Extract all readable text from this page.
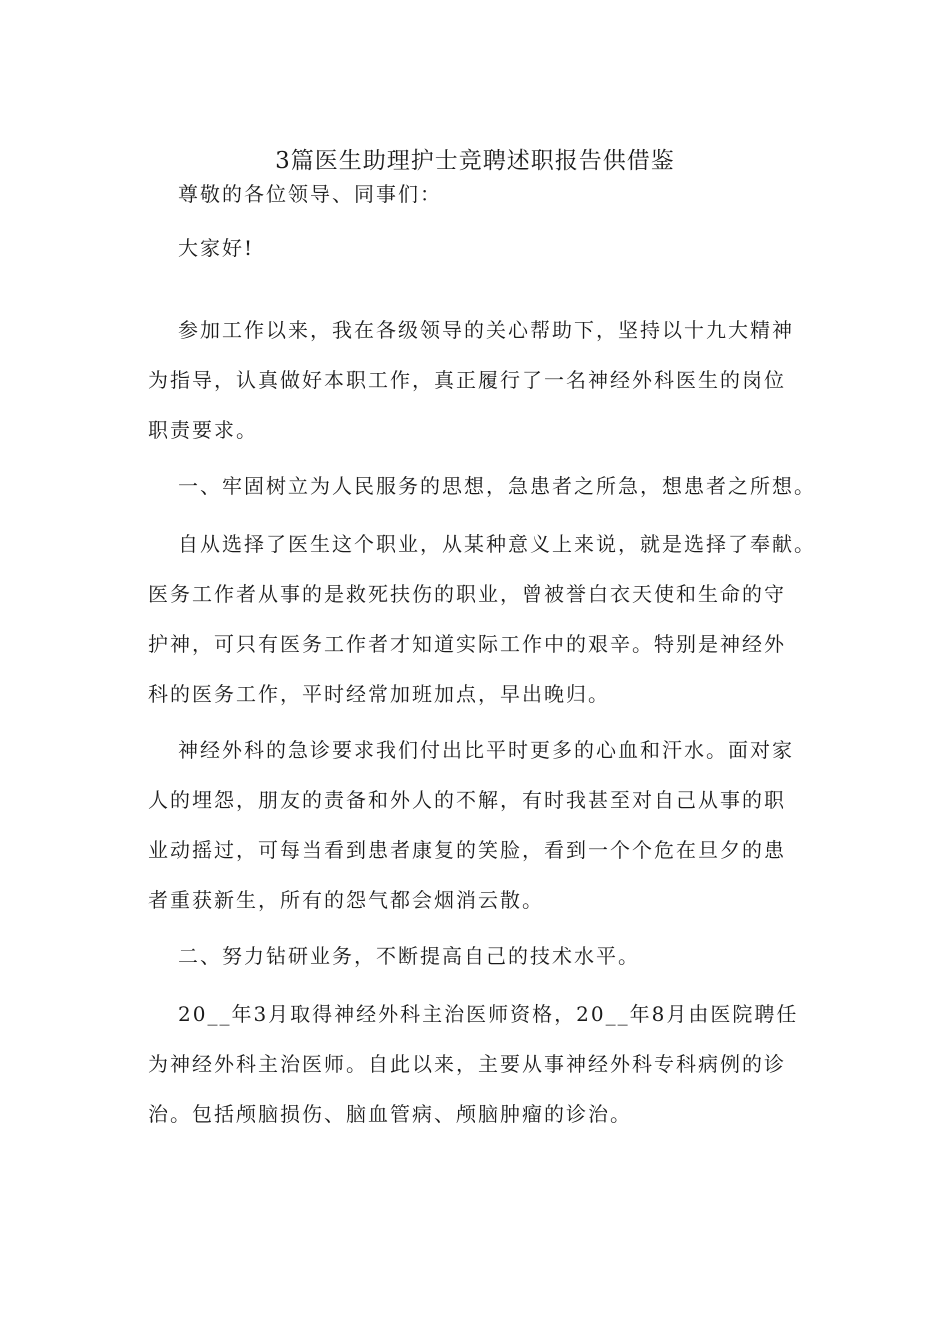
3篇医生助理护士竞聘述职报告供借鉴
尊敬的各位领导、同事们：
大家好!
参加工作以来，我在各级领导的关心帮助下，坚持以十九大精神
为指导，认真做好本职工作，真正履行了一名神经外科医生的岗位
职责要求。
一、牢固树立为人民服务的思想，急患者之所急，想患者之所想。
自从选择了医生这个职业，从某种意义上来说，就是选择了奉献。
医务工作者从事的是救死扶伤的职业，曾被誉白衣天使和生命的守
护神，可只有医务工作者才知道实际工作中的艰辛。特别是神经外
科的医务工作，平时经常加班加点，早出晚归。
神经外科的急诊要求我们付出比平时更多的心血和汗水。面对家
人的埋怨，朋友的责备和外人的不解，有时我甚至对自己从事的职
业动摇过，可每当看到患者康复的笑脸，看到一个个危在旦夕的患
者重获新生，所有的怨气都会烟消云散。
二、努力钻研业务，不断提高自己的技术水平。
20__年3月取得神经外科主治医师资格，20__年8月由医院聘任
为神经外科主治医师。自此以来，主要从事神经外科专科病例的诊
治。包括颅脑损伤、脑血管病、颅脑肿瘤的诊治。
